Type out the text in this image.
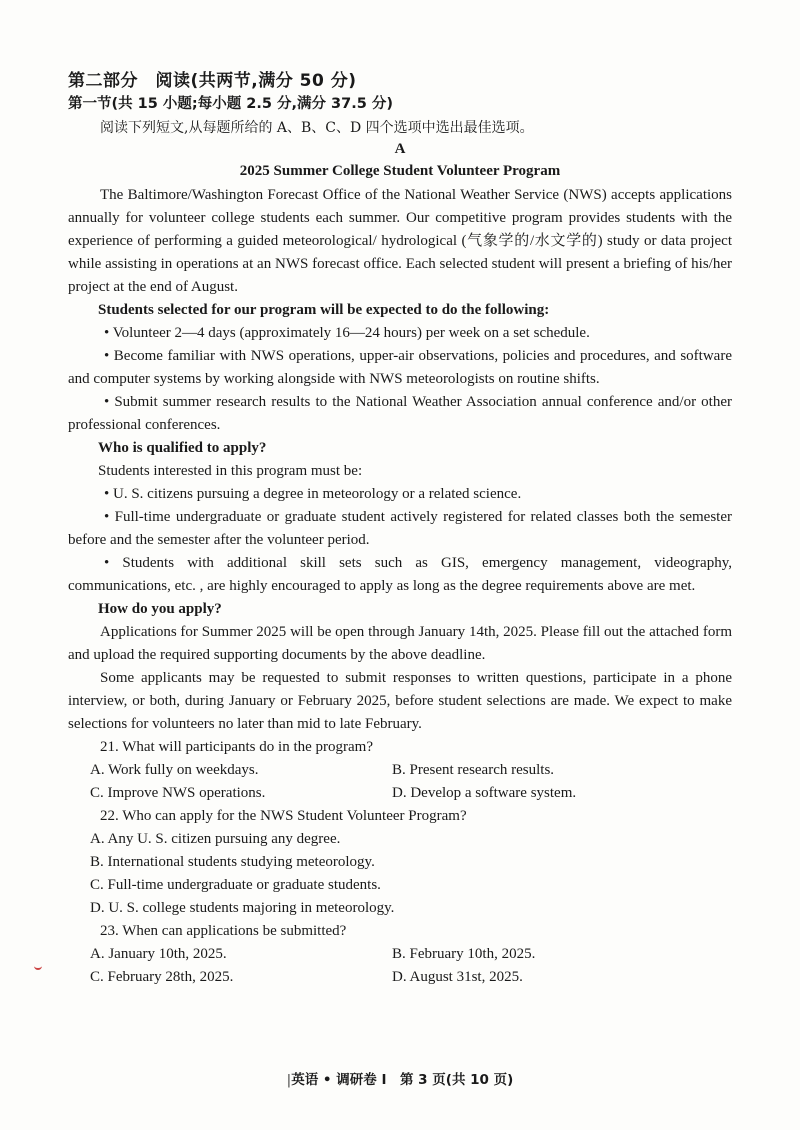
第二部分　阅读(共两节,满分 50 分)
第一节(共 15 小题;每小题 2.5 分,满分 37.5 分)
阅读下列短文,从每题所给的 A、B、C、D 四个选项中选出最佳选项。
A
2025 Summer College Student Volunteer Program

The Baltimore/Washington Forecast Office of the National Weather Service (NWS) accepts applications annually for volunteer college students each summer. Our competitive program provides students with the experience of performing a guided meteorological/ hydrological (气象学的/水文学的) study or data project while assisting in operations at an NWS forecast office. Each selected student will present a briefing of his/her project at the end of August.

Students selected for our program will be expected to do the following:

• Volunteer 2—4 days (approximately 16—24 hours) per week on a set schedule.

• Become familiar with NWS operations, upper-air observations, policies and procedures, and software and computer systems by working alongside with NWS meteorologists on routine shifts.

• Submit summer research results to the National Weather Association annual conference and/or other professional conferences.

Who is qualified to apply?

Students interested in this program must be:

• U. S. citizens pursuing a degree in meteorology or a related science.

• Full-time undergraduate or graduate student actively registered for related classes both the semester before and the semester after the volunteer period.

• Students with additional skill sets such as GIS, emergency management, videography, communications, etc. , are highly encouraged to apply as long as the degree requirements above are met.

How do you apply?

Applications for Summer 2025 will be open through January 14th, 2025. Please fill out the attached form and upload the required supporting documents by the above deadline.

Some applicants may be requested to submit responses to written questions, participate in a phone interview, or both, during January or February 2025, before student selections are made. We expect to make selections for volunteers no later than mid to late February.

21. What will participants do in the program?

A. Work fully on weekdays.	B. Present research results.
C. Improve NWS operations.	D. Develop a software system.

22. Who can apply for the NWS Student Volunteer Program?

A. Any U. S. citizen pursuing any degree.
B. International students studying meteorology.
C. Full-time undergraduate or graduate students.
D. U. S. college students majoring in meteorology.

23. When can applications be submitted?

A. January 10th, 2025.	B. February 10th, 2025.
C. February 28th, 2025.	D. August 31st, 2025.
|英语 • 调研卷 I　第 3 页(共 10 页)
